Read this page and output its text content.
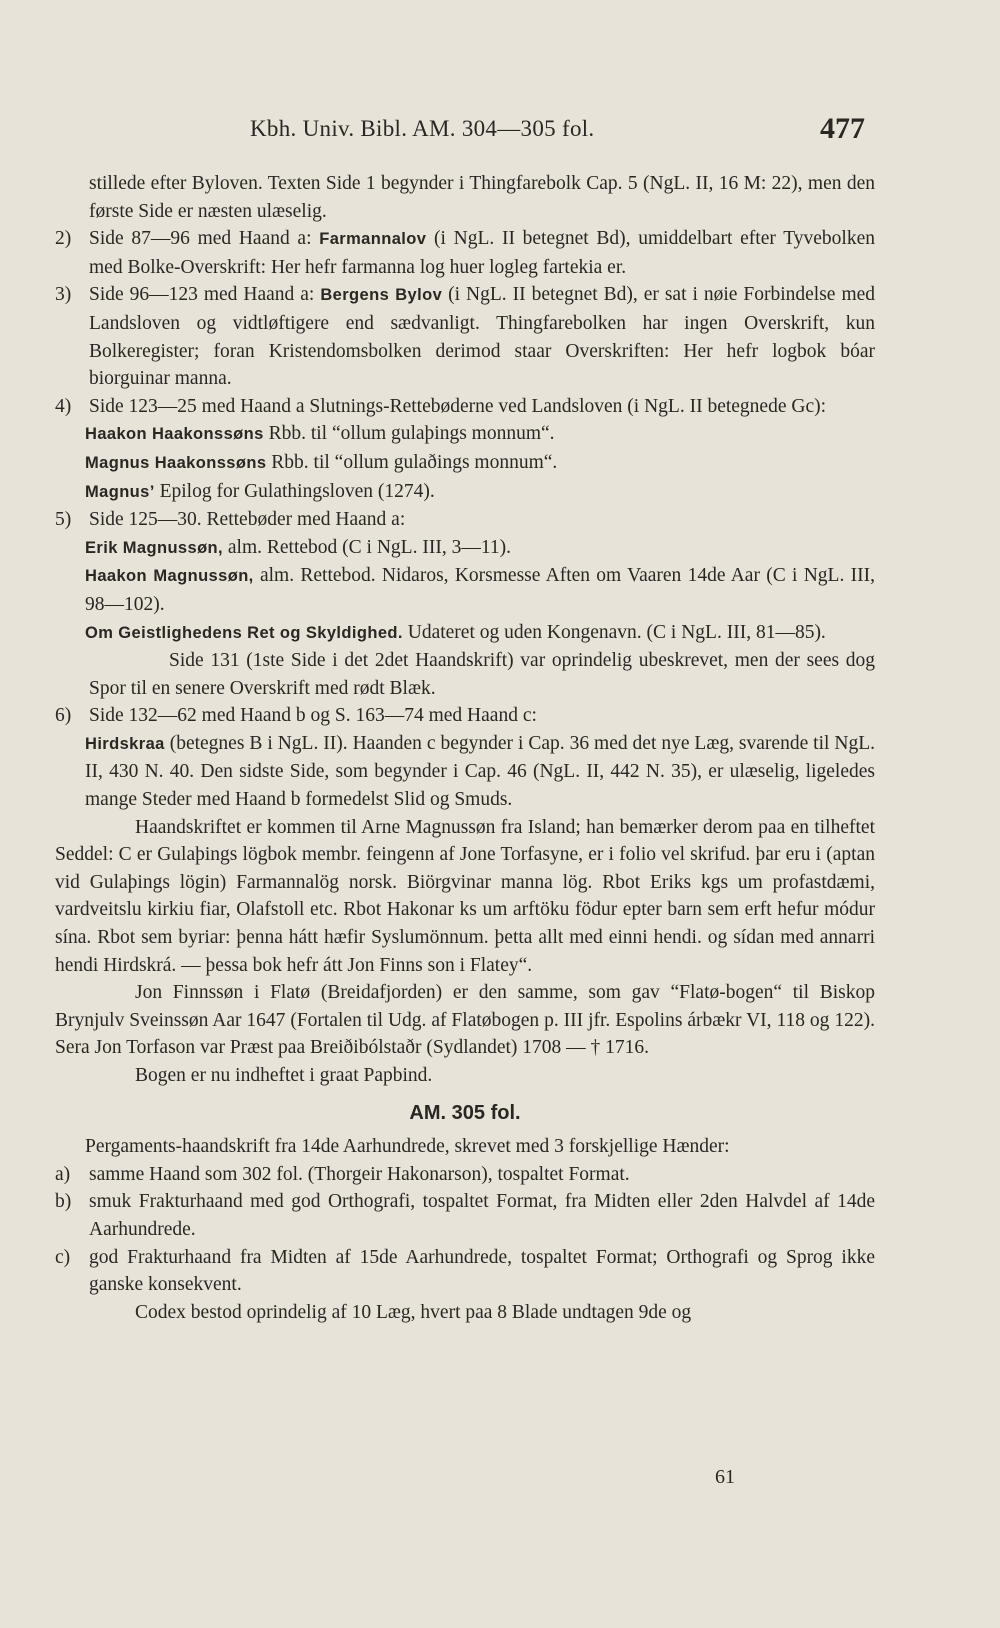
Kbh. Univ. Bibl. AM. 304—305 fol.	477
stillede efter Byloven. Texten Side 1 begynder i Thingfarebolk Cap. 5 (NgL. II, 16 M: 22), men den første Side er næsten ulæselig.
2) Side 87—96 med Haand a: Farmannalov (i NgL. II betegnet Bd), umiddelbart efter Tyvebolken med Bolke-Overskrift: Her hefr farmanna log huer logleg fartekia er.
3) Side 96—123 med Haand a: Bergens Bylov (i NgL. II betegnet Bd), er sat i nøie Forbindelse med Landsloven og vidtløftigere end sædvanligt. Thingfarebolken har ingen Overskrift, kun Bolkeregister; foran Kristendomsbolken derimod staar Overskriften: Her hefr logbok bóar biorguinar manna.
4) Side 123—25 med Haand a Slutnings-Rettebøderne ved Landsloven (i NgL. II betegnede Gc):
Haakon Haakonssøns Rbb. til “ollum gulaþings monnum“.
Magnus Haakonssøns Rbb. til “ollum gulaðings monnum“.
Magnus’ Epilog for Gulathingsloven (1274).
5) Side 125—30. Rettebøder med Haand a:
Erik Magnussøn, alm. Rettebod (C i NgL. III, 3—11).
Haakon Magnussøn, alm. Rettebod. Nidaros, Korsmesse Aften om Vaaren 14de Aar (C i NgL. III, 98—102).
Om Geistlighedens Ret og Skyldighed. Udateret og uden Kongenavn. (C i NgL. III, 81—85).
Side 131 (1ste Side i det 2det Haandskrift) var oprindelig ubeskrevet, men der sees dog Spor til en senere Overskrift med rødt Blæk.
6) Side 132—62 med Haand b og S. 163—74 med Haand c:
Hirdskraa (betegnes B i NgL. II). Haanden c begynder i Cap. 36 med det nye Læg, svarende til NgL. II, 430 N. 40. Den sidste Side, som begynder i Cap. 46 (NgL. II, 442 N. 35), er ulæselig, ligeledes mange Steder med Haand b formedelst Slid og Smuds.
Haandskriftet er kommen til Arne Magnussøn fra Island; han bemærker derom paa en tilheftet Seddel: C er Gulaþings lögbok membr. feingenn af Jone Torfasyne, er i folio vel skrifud. þar eru i (aptan vid Gulaþings lögin) Farmannalög norsk. Biörgvinar manna lög. Rbot Eriks kgs um profastdæmi, vardveitslu kirkiu fiar, Olafstoll etc. Rbot Hakonar ks um arftöku födur epter barn sem erft hefur módur sína. Rbot sem byriar: þenna hátt hæfir Syslumönnum. þetta allt med einni hendi. og sídan med annarri hendi Hirdskrá. — þessa bok hefr átt Jon Finns son i Flatey“.
Jon Finnssøn i Flatø (Breidafjorden) er den samme, som gav “Flatø-bogen“ til Biskop Brynjulv Sveinssøn Aar 1647 (Fortalen til Udg. af Flatøbogen p. III jfr. Espolins árbækr VI, 118 og 122). Sera Jon Torfason var Præst paa Breiðibólstaðr (Sydlandet) 1708 — † 1716.
Bogen er nu indheftet i graat Papbind.
AM. 305 fol.
Pergaments-haandskrift fra 14de Aarhundrede, skrevet med 3 forskjellige Hænder:
a) samme Haand som 302 fol. (Thorgeir Hakonarson), tospaltet Format.
b) smuk Frakturhaand med god Orthografi, tospaltet Format, fra Midten eller 2den Halvdel af 14de Aarhundrede.
c) god Frakturhaand fra Midten af 15de Aarhundrede, tospaltet Format; Orthografi og Sprog ikke ganske konsekvent.
Codex bestod oprindelig af 10 Læg, hvert paa 8 Blade undtagen 9de og
61
